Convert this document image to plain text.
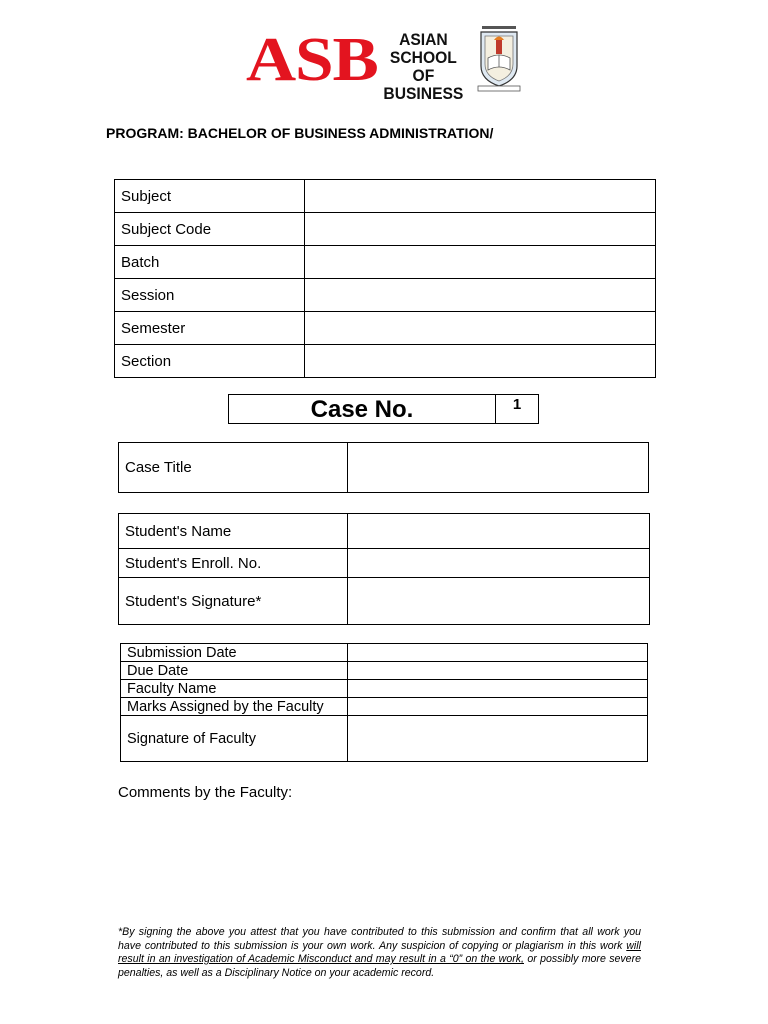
ASB	ASIAN
SCHOOL OF
BUSINESS
PROGRAM: BACHELOR OF BUSINESS ADMINISTRATION/
Subject	
Subject Code	
Batch	
Session	
Semester	
Section	
Case No.	1
Case Title	
Student's Name	
Student's Enroll. No.	
Student's Signature*	
Submission Date	
Due Date	
Faculty Name	
Marks Assigned by the Faculty	
Signature of Faculty	
Comments by the Faculty:
*By signing the above you attest that you have contributed to this submission and confirm that all work you have contributed to this submission is your own work. Any suspicion of copying or plagiarism in this work will result in an investigation of Academic Misconduct and may result in a “0” on the work, or possibly more severe penalties, as well as a Disciplinary Notice on your academic record.
